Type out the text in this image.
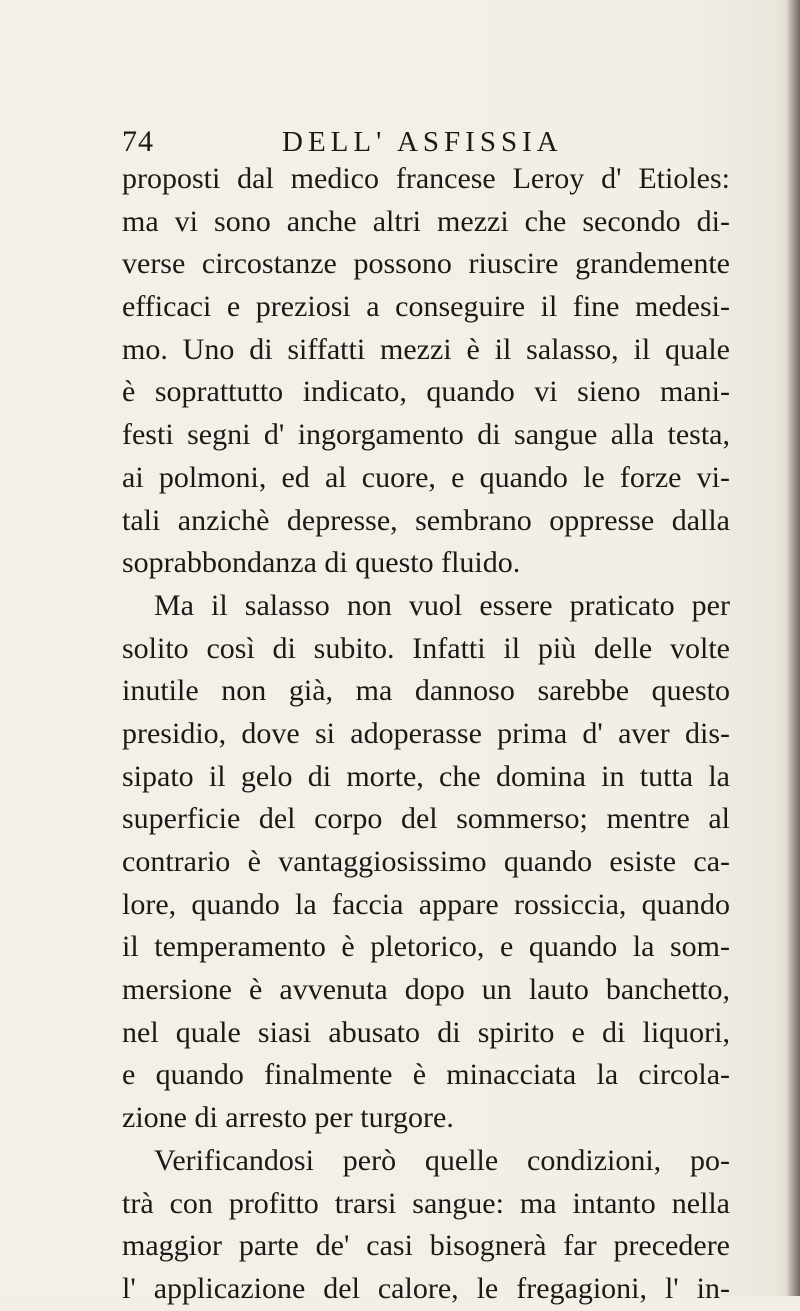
74	DELL' ASFISSIA
proposti dal medico francese Leroy d' Etioles:
ma vi sono anche altri mezzi che secondo di-
verse circostanze possono riuscire grandemente
efficaci e preziosi a conseguire il fine medesi-
mo. Uno di siffatti mezzi è il salasso, il quale
è soprattutto indicato, quando vi sieno mani-
festi segni d' ingorgamento di sangue alla testa,
ai polmoni, ed al cuore, e quando le forze vi-
tali anzichè depresse, sembrano oppresse dalla
soprabbondanza di questo fluido.
Ma il salasso non vuol essere praticato per
solito così di subito. Infatti il più delle volte
inutile non già, ma dannoso sarebbe questo
presidio, dove si adoperasse prima d' aver dis-
sipato il gelo di morte, che domina in tutta la
superficie del corpo del sommerso; mentre al
contrario è vantaggiosissimo quando esiste ca-
lore, quando la faccia appare rossiccia, quando
il temperamento è pletorico, e quando la som-
mersione è avvenuta dopo un lauto banchetto,
nel quale siasi abusato di spirito e di liquori,
e quando finalmente è minacciata la circola-
zione di arresto per turgore.
Verificandosi però quelle condizioni, po-
trà con profitto trarsi sangue: ma intanto nella
maggior parte de' casi bisognerà far precedere
l' applicazione del calore, le fregagioni, l' in-
